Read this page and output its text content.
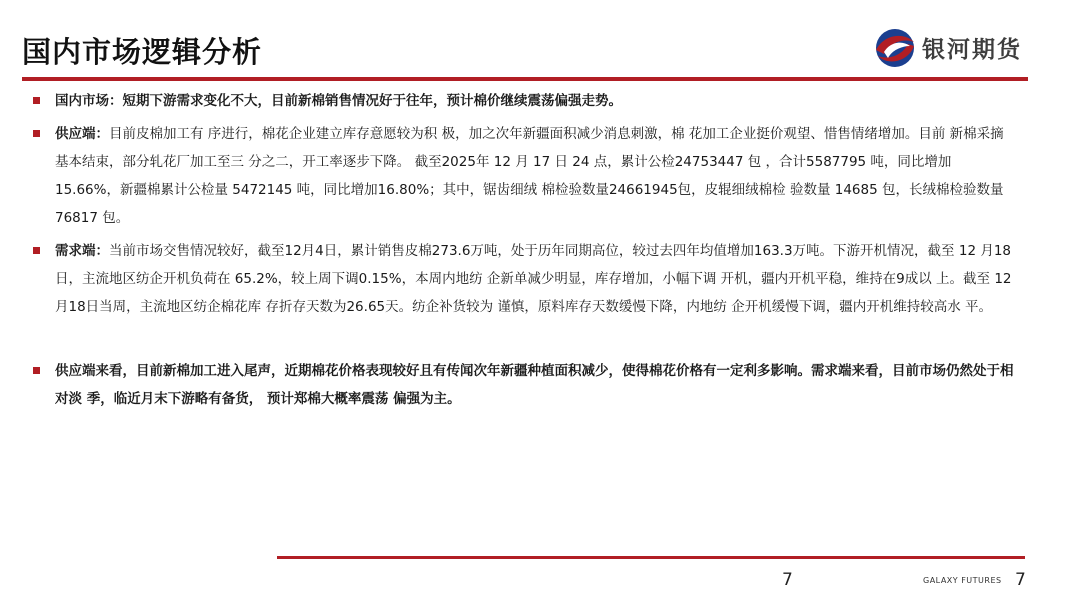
国内市场逻辑分析	银河期货
国内市场：短期下游需求变化不大，目前新棉销售情况好于往年，预计棉价继续震荡偏强走势。
供应端：目前皮棉加工有 序进行，棉花企业建立库存意愿较为积 极，加之次年新疆面积减少消息刺激，棉 花加工企业挺价观望、惜售情绪增加。目前 新棉采摘基本结束，部分轧花厂加工至三 分之二，开工率逐步下降。 截至2025年 12 月 17 日 24 点，累计公检24753447 包 ，合计5587795 吨，同比增加 15.66%，新疆棉累计公检量 5472145 吨，同比增加16.80%；其中，锯齿细绒 棉检验数量24661945包，皮辊细绒棉检 验数量 14685 包，长绒棉检验数量 76817 包。
需求端：当前市场交售情况较好，截至12月4日，累计销售皮棉273.6万吨，处于历年同期高位，较过去四年均值增加163.3万吨。下游开机情况，截至 12 月18日，主流地区纺企开机负荷在 65.2%，较上周下调0.15%，本周内地纺 企新单减少明显，库存增加，小幅下调 开机，疆内开机平稳，维持在9成以 上。截至 12 月18日当周，主流地区纺企棉花库 存折存天数为26.65天。纺企补货较为 谨慎，原料库存天数缓慢下降，内地纺 企开机缓慢下调，疆内开机维持较高水 平。
供应端来看，目前新棉加工进入尾声，近期棉花价格表现较好且有传闻次年新疆种植面积减少，使得棉花价格有一定利多影响。需求端来看，目前市场仍然处于相对淡 季，临近月末下游略有备货， 预计郑棉大概率震荡 偏强为主。
7	GALAXY FUTURES 7
